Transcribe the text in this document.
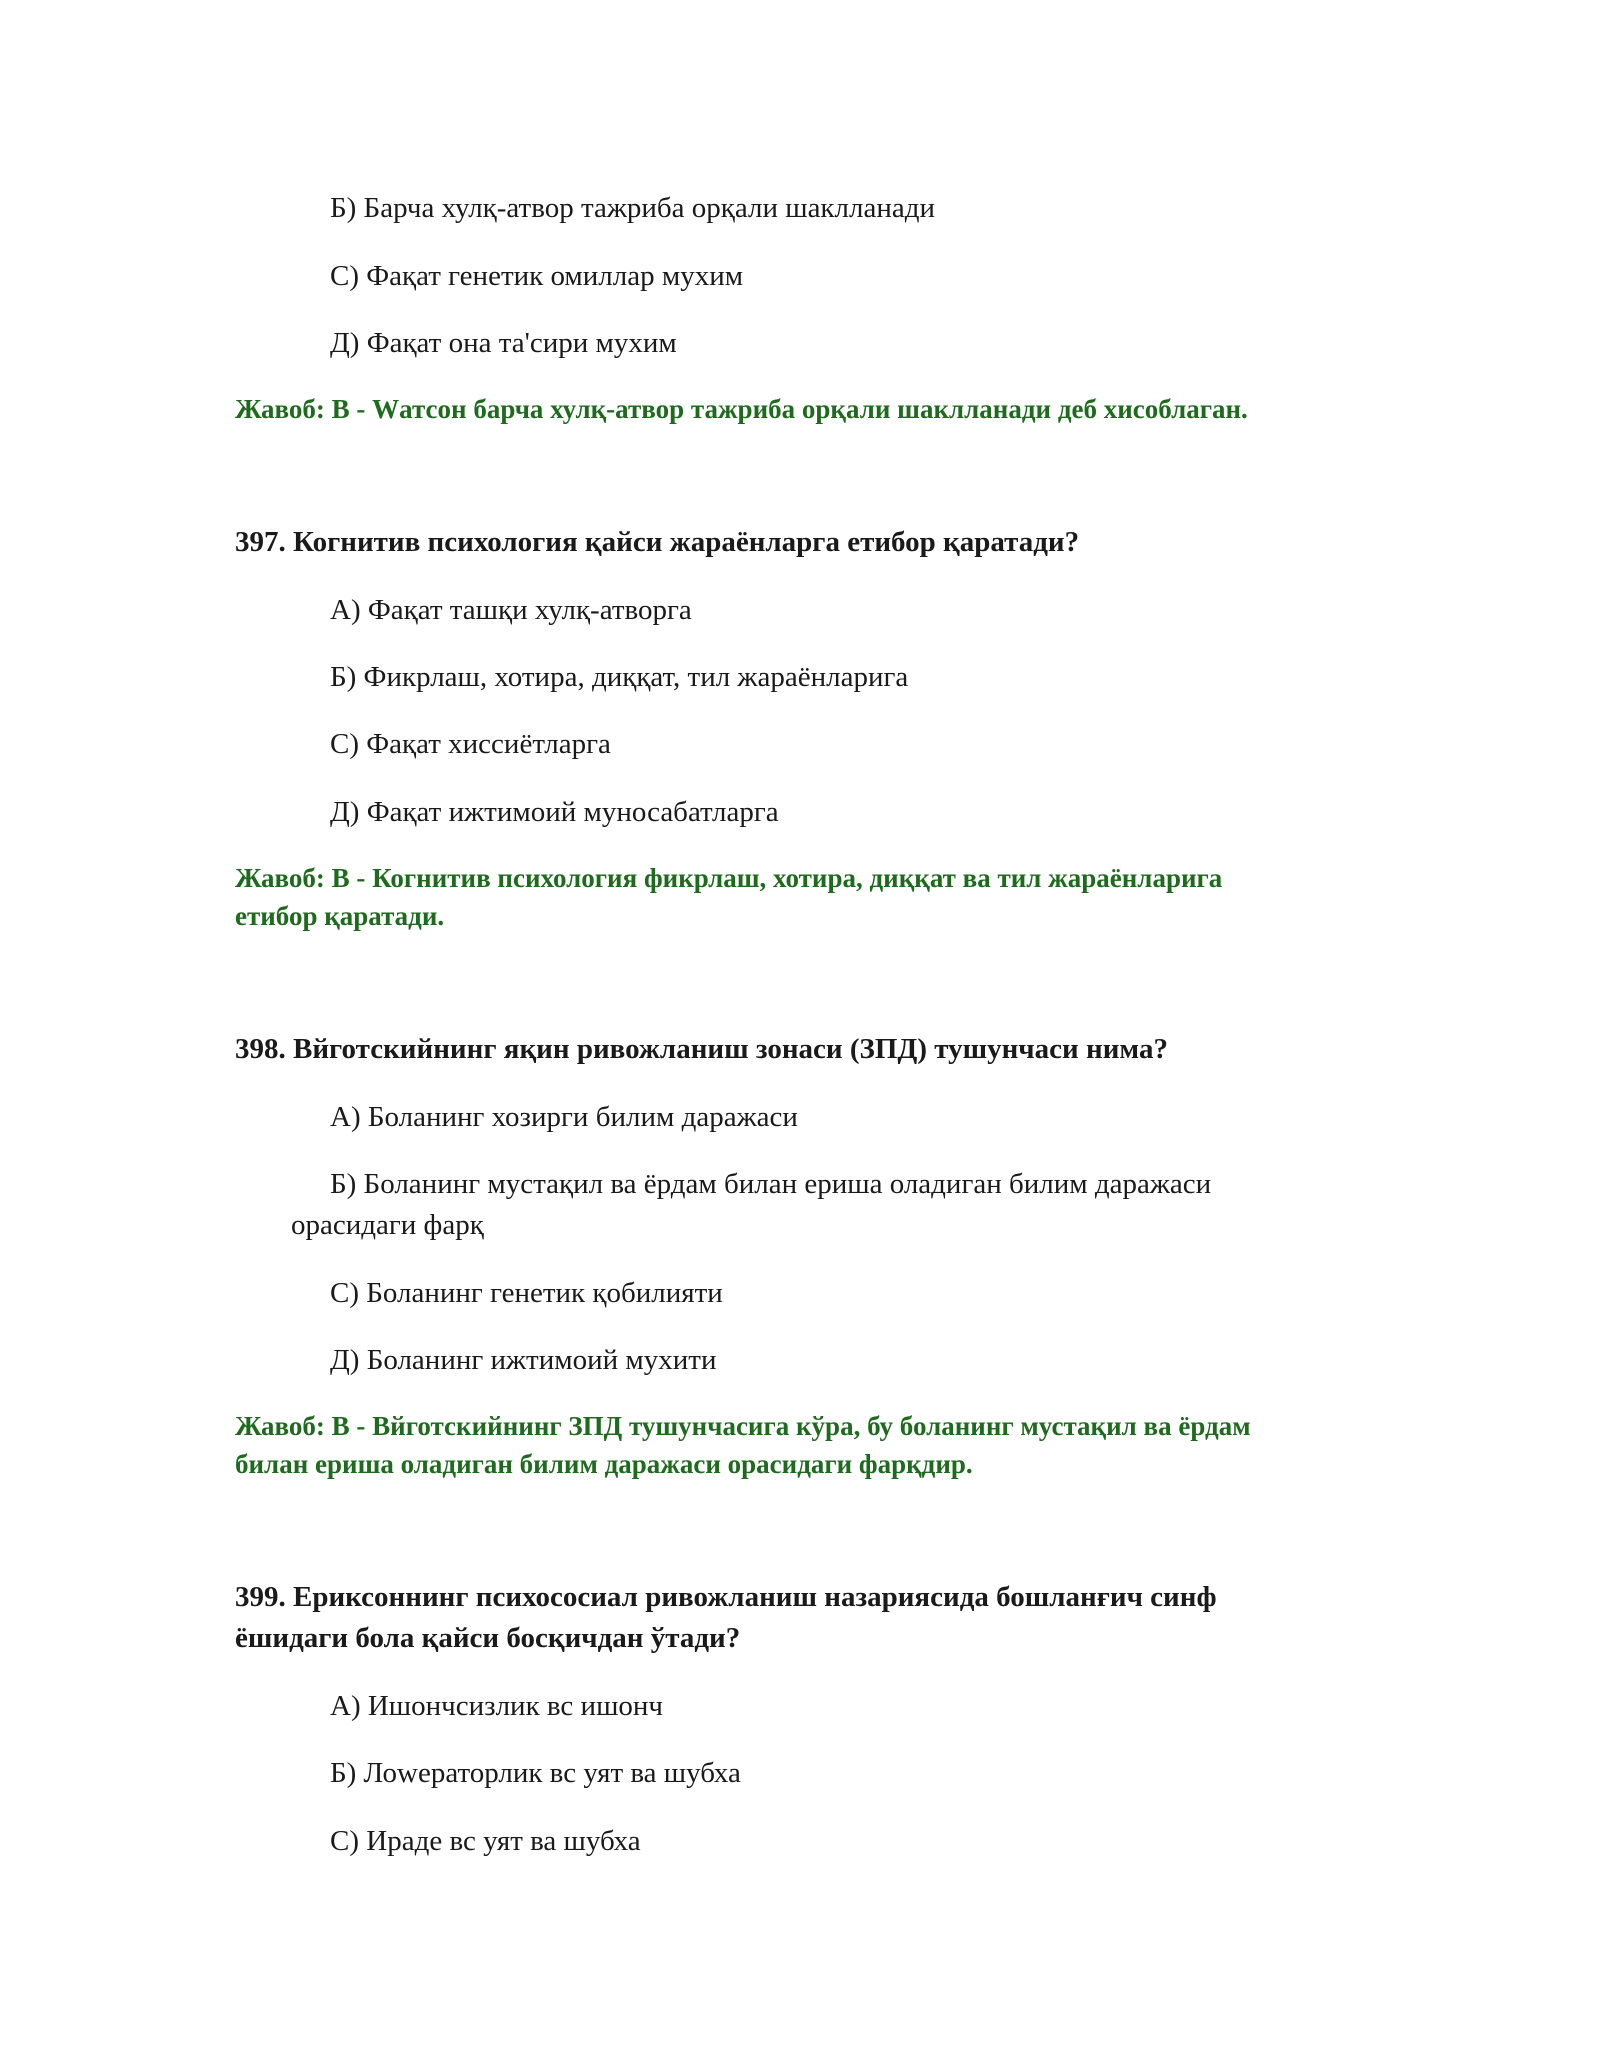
Б) Барча хулқ-атвор тажриба орқали шаклланади
С) Фақат генетик омиллар мухим
Д) Фақат она та'сири мухим
Жавоб: В - Wатсон барча хулқ-атвор тажриба орқали шаклланади деб хисоблаган.
397. Когнитив психология қайси жараёнларга етибор қаратади?
А) Фақат ташқи хулқ-атворга
Б) Фикрлаш, хотира, диққат, тил жараёнларига
С) Фақат хиссиётларга
Д) Фақат ижтимоий муносабатларга
Жавоб: В - Когнитив психология фикрлаш, хотира, диққат ва тил жараёнларига
етибор қаратади.
398. Вйготскийнинг яқин ривожланиш зонаси (ЗПД) тушунчаси нима?
А) Боланинг хозирги билим даражаси
Б) Боланинг мустақил ва ёрдам билан ериша оладиган билим даражаси
орасидаги фарқ
С) Боланинг генетик қобилияти
Д) Боланинг ижтимоий мухити
Жавоб: В - Вйготскийнинг ЗПД тушунчасига кўра, бу боланинг мустақил ва ёрдам
билан ериша оладиган билим даражаси орасидаги фарқдир.
399. Ериксоннинг психососиал ривожланиш назариясида бошланғич синф
ёшидаги бола қайси босқичдан ўтади?
А) Ишончсизлик вс ишонч
Б) Лоwераторлик вс уят ва шубха
С) Ираде вс уят ва шубха
